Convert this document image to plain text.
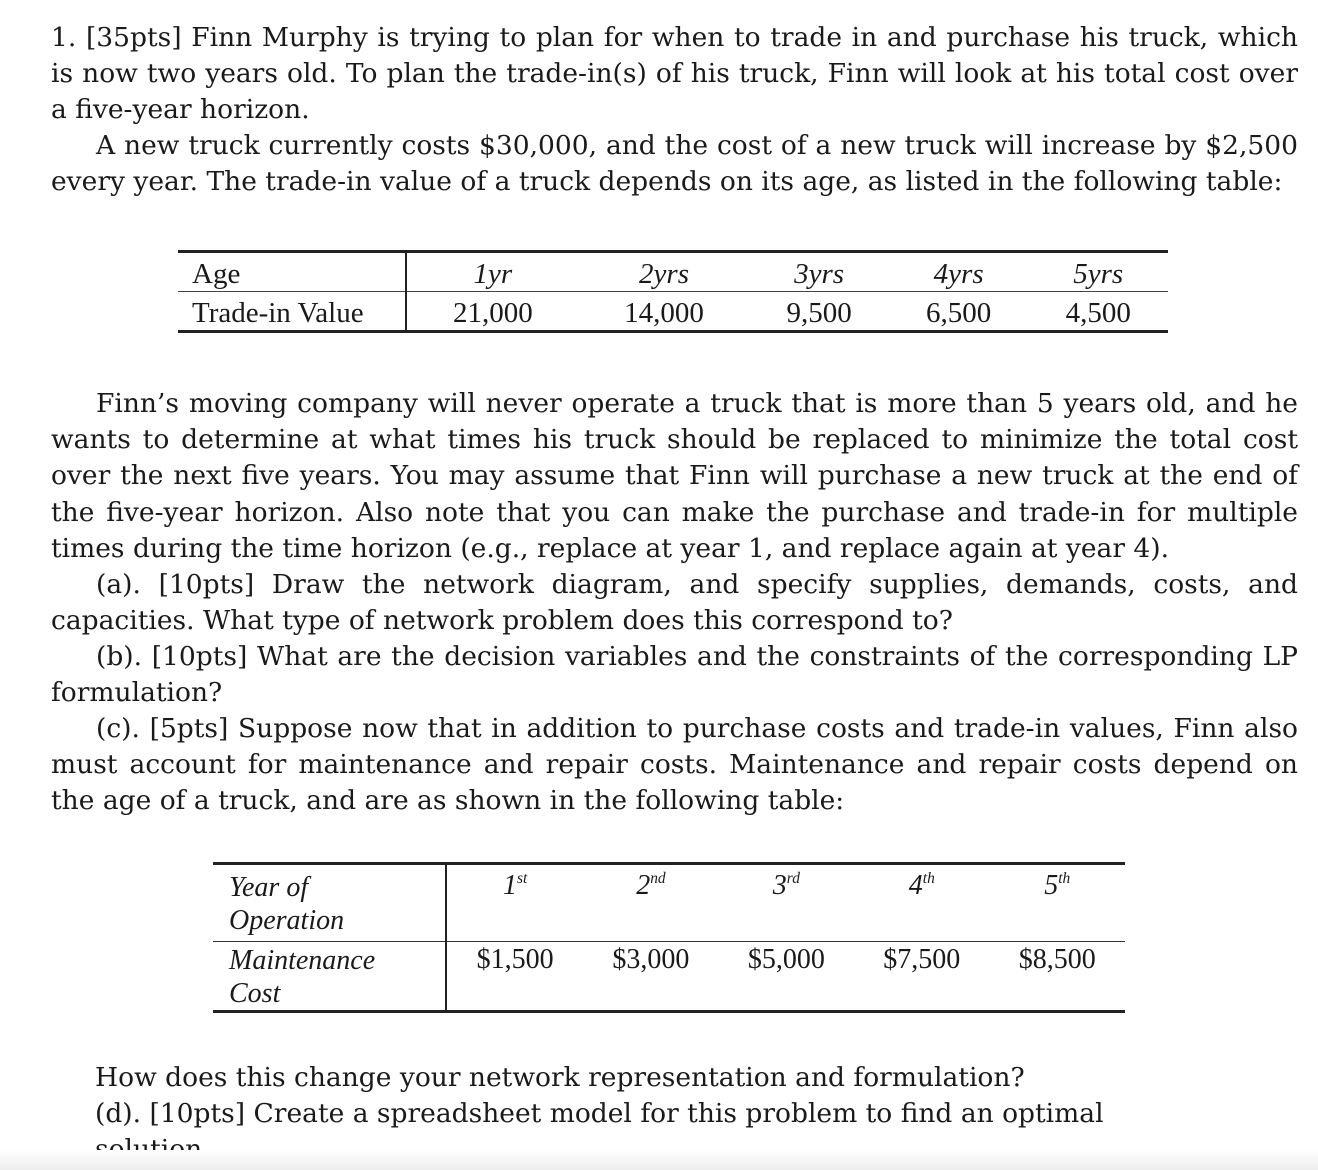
1. [35pts] Finn Murphy is trying to plan for when to trade in and purchase his truck, which is now two years old. To plan the trade-in(s) of his truck, Finn will look at his total cost over a five-year horizon.

A new truck currently costs $30,000, and the cost of a new truck will increase by $2,500 every year. The trade-in value of a truck depends on its age, as listed in the following table:

Age	1yr	2yrs	3yrs	4yrs	5yrs
Trade-in Value	21,000	14,000	9,500	6,500	4,500

Finn’s moving company will never operate a truck that is more than 5 years old, and he wants to determine at what times his truck should be replaced to minimize the total cost over the next five years. You may assume that Finn will purchase a new truck at the end of the five-year horizon. Also note that you can make the purchase and trade-in for multiple times during the time horizon (e.g., replace at year 1, and replace again at year 4).

(a). [10pts] Draw the network diagram, and specify supplies, demands, costs, and capacities. What type of network problem does this correspond to?

(b). [10pts] What are the decision variables and the constraints of the corresponding LP formulation?

(c). [5pts] Suppose now that in addition to purchase costs and trade-in values, Finn also must account for maintenance and repair costs. Maintenance and repair costs depend on the age of a truck, and are as shown in the following table:

Year of
Operation	1st	2nd	3rd	4th	5th

Maintenance
Cost	$1,500	$3,000	$5,000	$7,500	$8,500

How does this change your network representation and formulation?

(d). [10pts] Create a spreadsheet model for this problem to find an optimal
